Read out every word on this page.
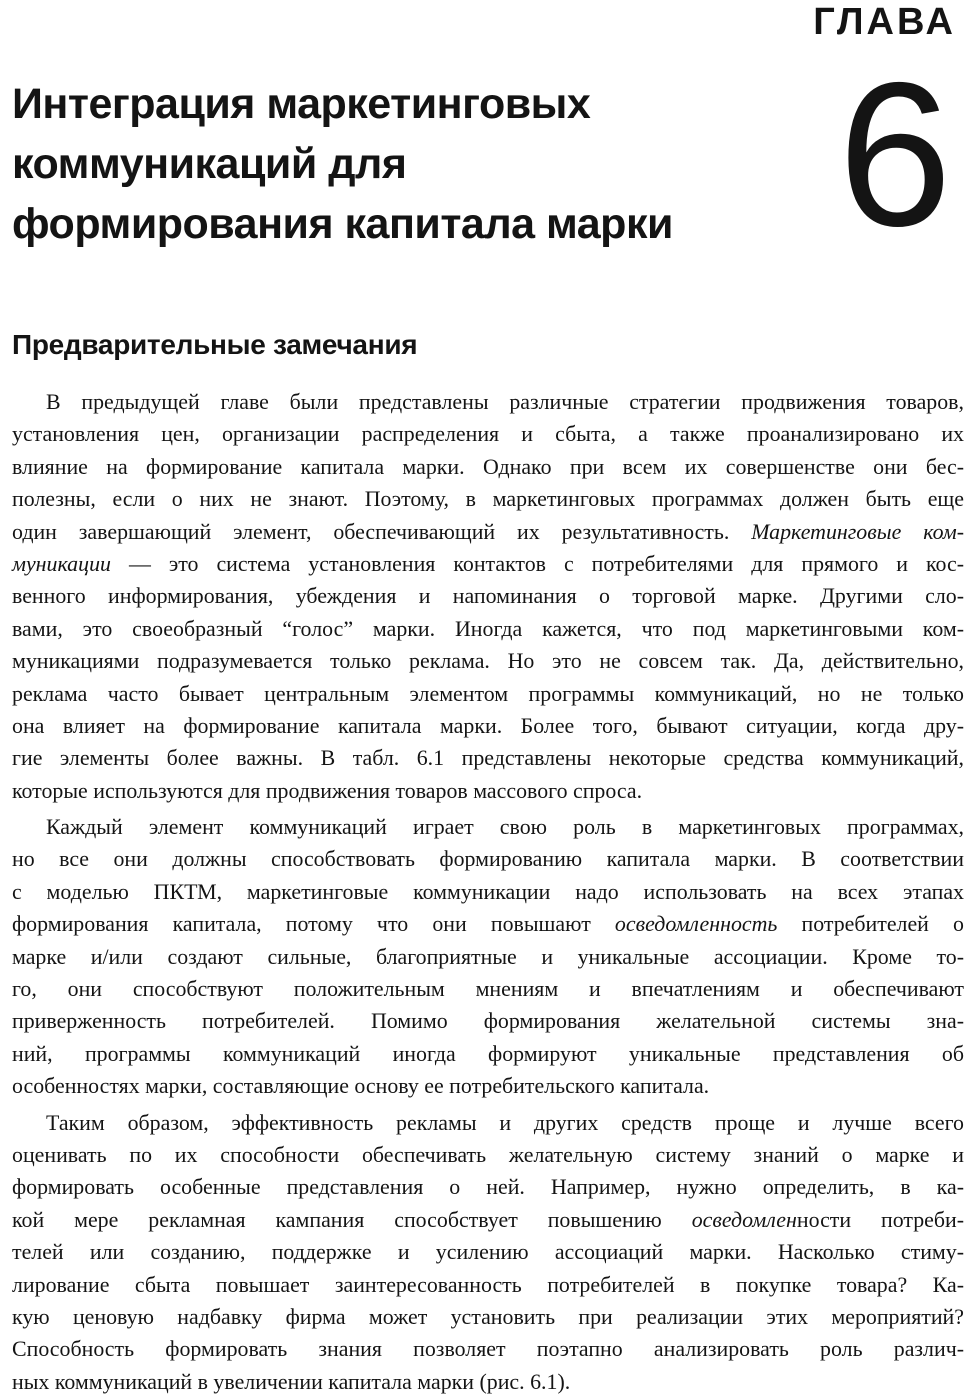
ГЛАВА
6
Интеграция маркетинговых
коммуникаций для
формирования капитала марки
Предварительные замечания
В предыдущей главе были представлены различные стратегии продвижения товаров,
установления цен, организации распределения и сбыта, а также проанализировано их
влияние на формирование капитала марки. Однако при всем их совершенстве они бес-
полезны, если о них не знают. Поэтому, в маркетинговых программах должен быть еще
один завершающий элемент, обеспечивающий их результативность. Маркетинговые ком-
муникации — это система установления контактов с потребителями для прямого и кос-
венного информирования, убеждения и напоминания о торговой марке. Другими сло-
вами, это своеобразный “голос” марки. Иногда кажется, что под маркетинговыми ком-
муникациями подразумевается только реклама. Но это не совсем так. Да, действительно,
реклама часто бывает центральным элементом программы коммуникаций, но не только
она влияет на формирование капитала марки. Более того, бывают ситуации, когда дру-
гие элементы более важны. В табл. 6.1 представлены некоторые средства коммуникаций,
которые используются для продвижения товаров массового спроса.
Каждый элемент коммуникаций играет свою роль в маркетинговых программах,
но все они должны способствовать формированию капитала марки. В соответствии
с моделью ПКТМ, маркетинговые коммуникации надо использовать на всех этапах
формирования капитала, потому что они повышают осведомленность потребителей о
марке и/или создают сильные, благоприятные и уникальные ассоциации. Кроме то-
го, они способствуют положительным мнениям и впечатлениям и обеспечивают
приверженность потребителей. Помимо формирования желательной системы зна-
ний, программы коммуникаций иногда формируют уникальные представления об
особенностях марки, составляющие основу ее потребительского капитала.
Таким образом, эффективность рекламы и других средств проще и лучше всего
оценивать по их способности обеспечивать желательную систему знаний о марке и
формировать особенные представления о ней. Например, нужно определить, в ка-
кой мере рекламная кампания способствует повышению осведомленности потреби-
телей или созданию, поддержке и усилению ассоциаций марки. Насколько стиму-
лирование сбыта повышает заинтересованность потребителей в покупке товара? Ка-
кую ценовую надбавку фирма может установить при реализации этих мероприятий?
Способность формировать знания позволяет поэтапно анализировать роль различ-
ных коммуникаций в увеличении капитала марки (рис. 6.1).
